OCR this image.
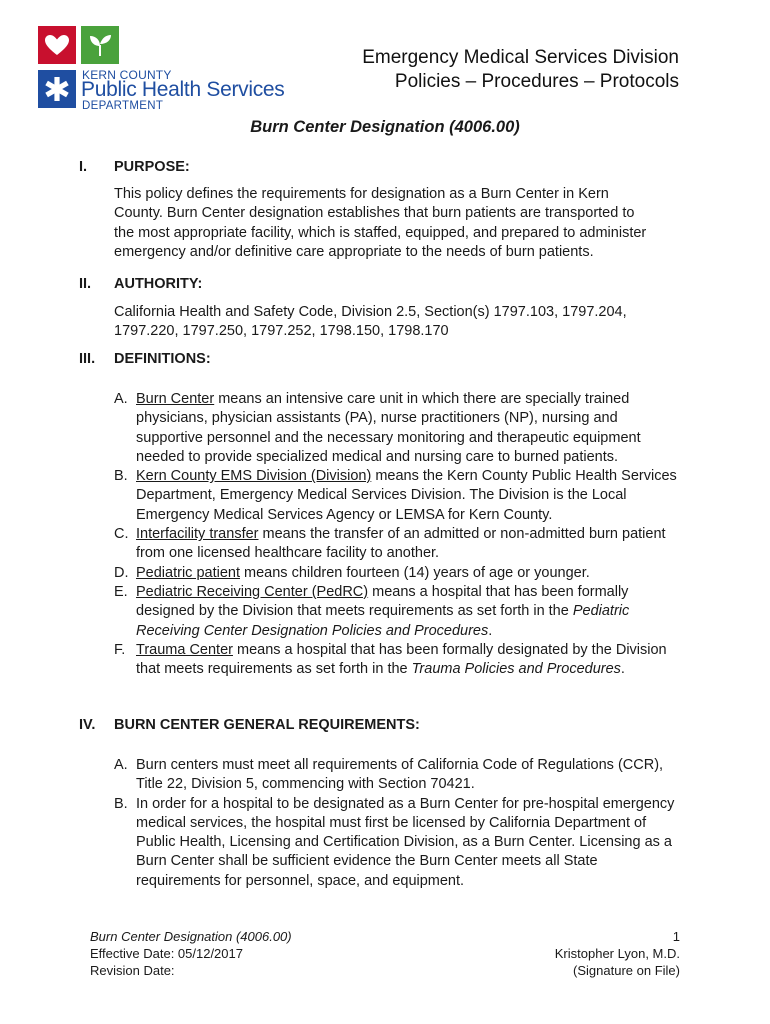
KERN COUNTY
Public Health Services
DEPARTMENT
Emergency Medical Services Division
Policies – Procedures – Protocols
Burn Center Designation (4006.00)
I. PURPOSE:
This policy defines the requirements for designation as a Burn Center in Kern
County. Burn Center designation establishes that burn patients are transported to
the most appropriate facility, which is staffed, equipped, and prepared to administer
emergency and/or definitive care appropriate to the needs of burn patients.
II. AUTHORITY:
California Health and Safety Code, Division 2.5, Section(s) 1797.103, 1797.204,
1797.220, 1797.250, 1797.252, 1798.150, 1798.170
III. DEFINITIONS:
A. Burn Center means an intensive care unit in which there are specially trained physicians, physician assistants (PA), nurse practitioners (NP), nursing and supportive personnel and the necessary monitoring and therapeutic equipment needed to provide specialized medical and nursing care to burned patients.
B. Kern County EMS Division (Division) means the Kern County Public Health Services Department, Emergency Medical Services Division. The Division is the Local Emergency Medical Services Agency or LEMSA for Kern County.
C. Interfacility transfer means the transfer of an admitted or non-admitted burn patient from one licensed healthcare facility to another.
D. Pediatric patient means children fourteen (14) years of age or younger.
E. Pediatric Receiving Center (PedRC) means a hospital that has been formally designed by the Division that meets requirements as set forth in the Pediatric Receiving Center Designation Policies and Procedures.
F. Trauma Center means a hospital that has been formally designated by the Division that meets requirements as set forth in the Trauma Policies and Procedures.
IV. BURN CENTER GENERAL REQUIREMENTS:
A. Burn centers must meet all requirements of California Code of Regulations (CCR), Title 22, Division 5, commencing with Section 70421.
B. In order for a hospital to be designated as a Burn Center for pre-hospital emergency medical services, the hospital must first be licensed by California Department of Public Health, Licensing and Certification Division, as a Burn Center. Licensing as a Burn Center shall be sufficient evidence the Burn Center meets all State requirements for personnel, space, and equipment.
Burn Center Designation (4006.00)
Effective Date: 05/12/2017
Revision Date:
1
Kristopher Lyon, M.D.
(Signature on File)
